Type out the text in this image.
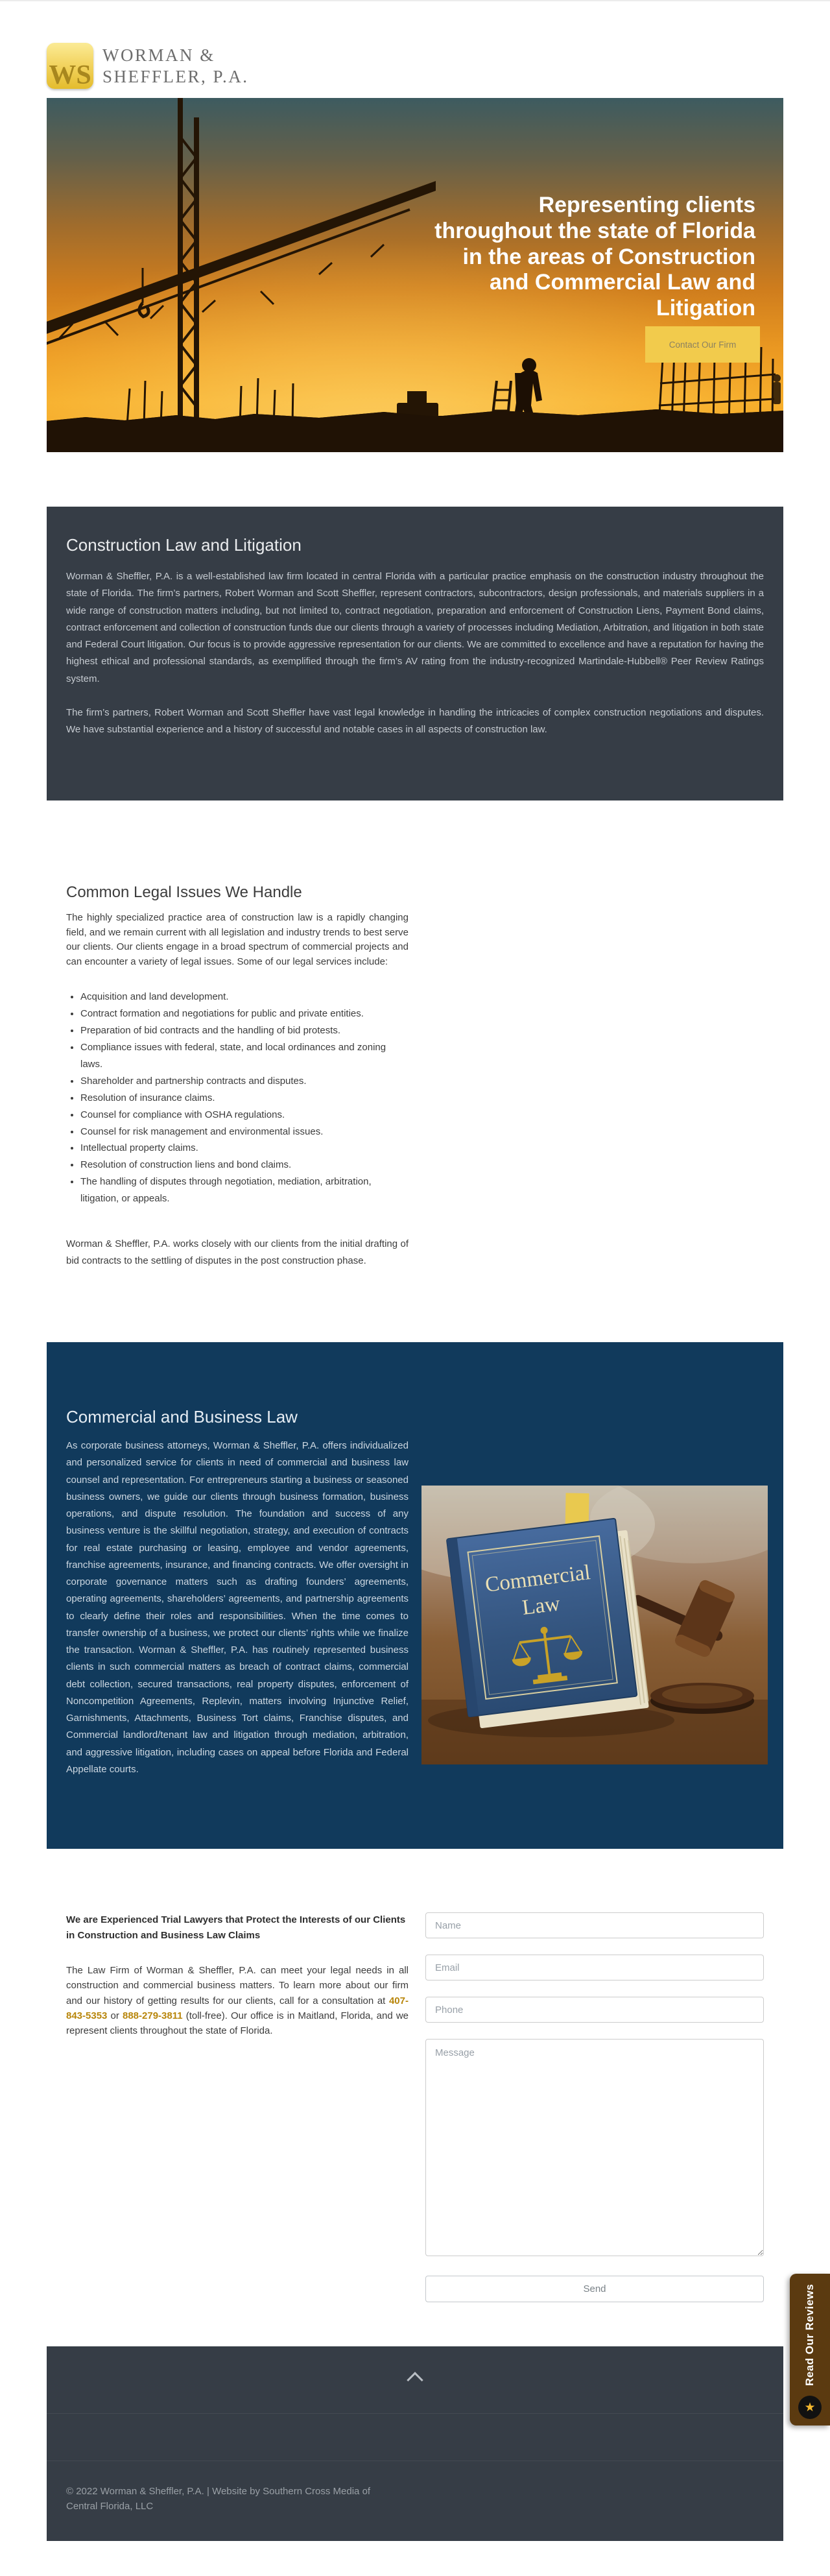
WS
WORMAN &
SHEFFLER, P.A.
Representing clients
throughout the state of Florida
in the areas of Construction
and Commercial Law and
Litigation
Contact Our Firm
Construction Law and Litigation

Worman & Sheffler, P.A. is a well-established law firm located in central Florida with a particular practice emphasis on the construction industry throughout the state of Florida. The firm’s partners, Robert Worman and Scott Sheffler, represent contractors, subcontractors, design professionals, and materials suppliers in a wide range of construction matters including, but not limited to, contract negotiation, preparation and enforcement of Construction Liens, Payment Bond claims, contract enforcement and collection of construction funds due our clients through a variety of processes including Mediation, Arbitration, and litigation in both state and Federal Court litigation. Our focus is to provide aggressive representation for our clients. We are committed to excellence and have a reputation for having the highest ethical and professional standards, as exemplified through the firm’s AV rating from the industry-recognized Martindale-Hubbell® Peer Review Ratings system.

The firm’s partners, Robert Worman and Scott Sheffler have vast legal knowledge in handling the intricacies of complex construction negotiations and disputes. We have substantial experience and a history of successful and notable cases in all aspects of construction law.

Common Legal Issues We Handle

The highly specialized practice area of construction law is a rapidly changing field, and we remain current with all legislation and industry trends to best serve our clients. Our clients engage in a broad spectrum of commercial projects and can encounter a variety of legal issues. Some of our legal services include:

• Acquisition and land development.
• Contract formation and negotiations for public and private entities.
• Preparation of bid contracts and the handling of bid protests.
• Compliance issues with federal, state, and local ordinances and zoning laws.
• Shareholder and partnership contracts and disputes.
• Resolution of insurance claims.
• Counsel for compliance with OSHA regulations.
• Counsel for risk management and environmental issues.
• Intellectual property claims.
• Resolution of construction liens and bond claims.
• The handling of disputes through negotiation, mediation, arbitration, litigation, or appeals.

Worman & Sheffler, P.A. works closely with our clients from the initial drafting of bid contracts to the settling of disputes in the post construction phase.

Commercial and Business Law

As corporate business attorneys, Worman & Sheffler, P.A. offers individualized and personalized service for clients in need of commercial and business law counsel and representation. For entrepreneurs starting a business or seasoned business owners, we guide our clients through business formation, business operations, and dispute resolution. The foundation and success of any business venture is the skillful negotiation, strategy, and execution of contracts for real estate purchasing or leasing, employee and vendor agreements, franchise agreements, insurance, and financing contracts. We offer oversight in corporate governance matters such as drafting founders’ agreements, operating agreements, shareholders’ agreements, and partnership agreements to clearly define their roles and responsibilities. When the time comes to transfer ownership of a business, we protect our clients’ rights while we finalize the transaction. Worman & Sheffler, P.A. has routinely represented business clients in such commercial matters as breach of contract claims, commercial debt collection, secured transactions, real property disputes, enforcement of Noncompetition Agreements, Replevin, matters involving Injunctive Relief, Garnishments, Attachments, Business Tort claims, Franchise disputes, and Commercial landlord/tenant law and litigation through mediation, arbitration, and aggressive litigation, including cases on appeal before Florida and Federal Appellate courts.

Commercial
Law
We are Experienced Trial Lawyers that Protect the Interests of our Clients in Construction and Business Law Claims

The Law Firm of Worman & Sheffler, P.A. can meet your legal needs in all construction and commercial business matters. To learn more about our firm and our history of getting results for our clients, call for a consultation at 407-843-5353 or 888-279-3811 (toll-free). Our office is in Maitland, Florida, and we represent clients throughout the state of Florida.

Name
Email
Phone
Message Send

© 2022 Worman & Sheffler, P.A. | Website by Southern Cross Media of Central Florida, LLC

Read Our Reviews
★
